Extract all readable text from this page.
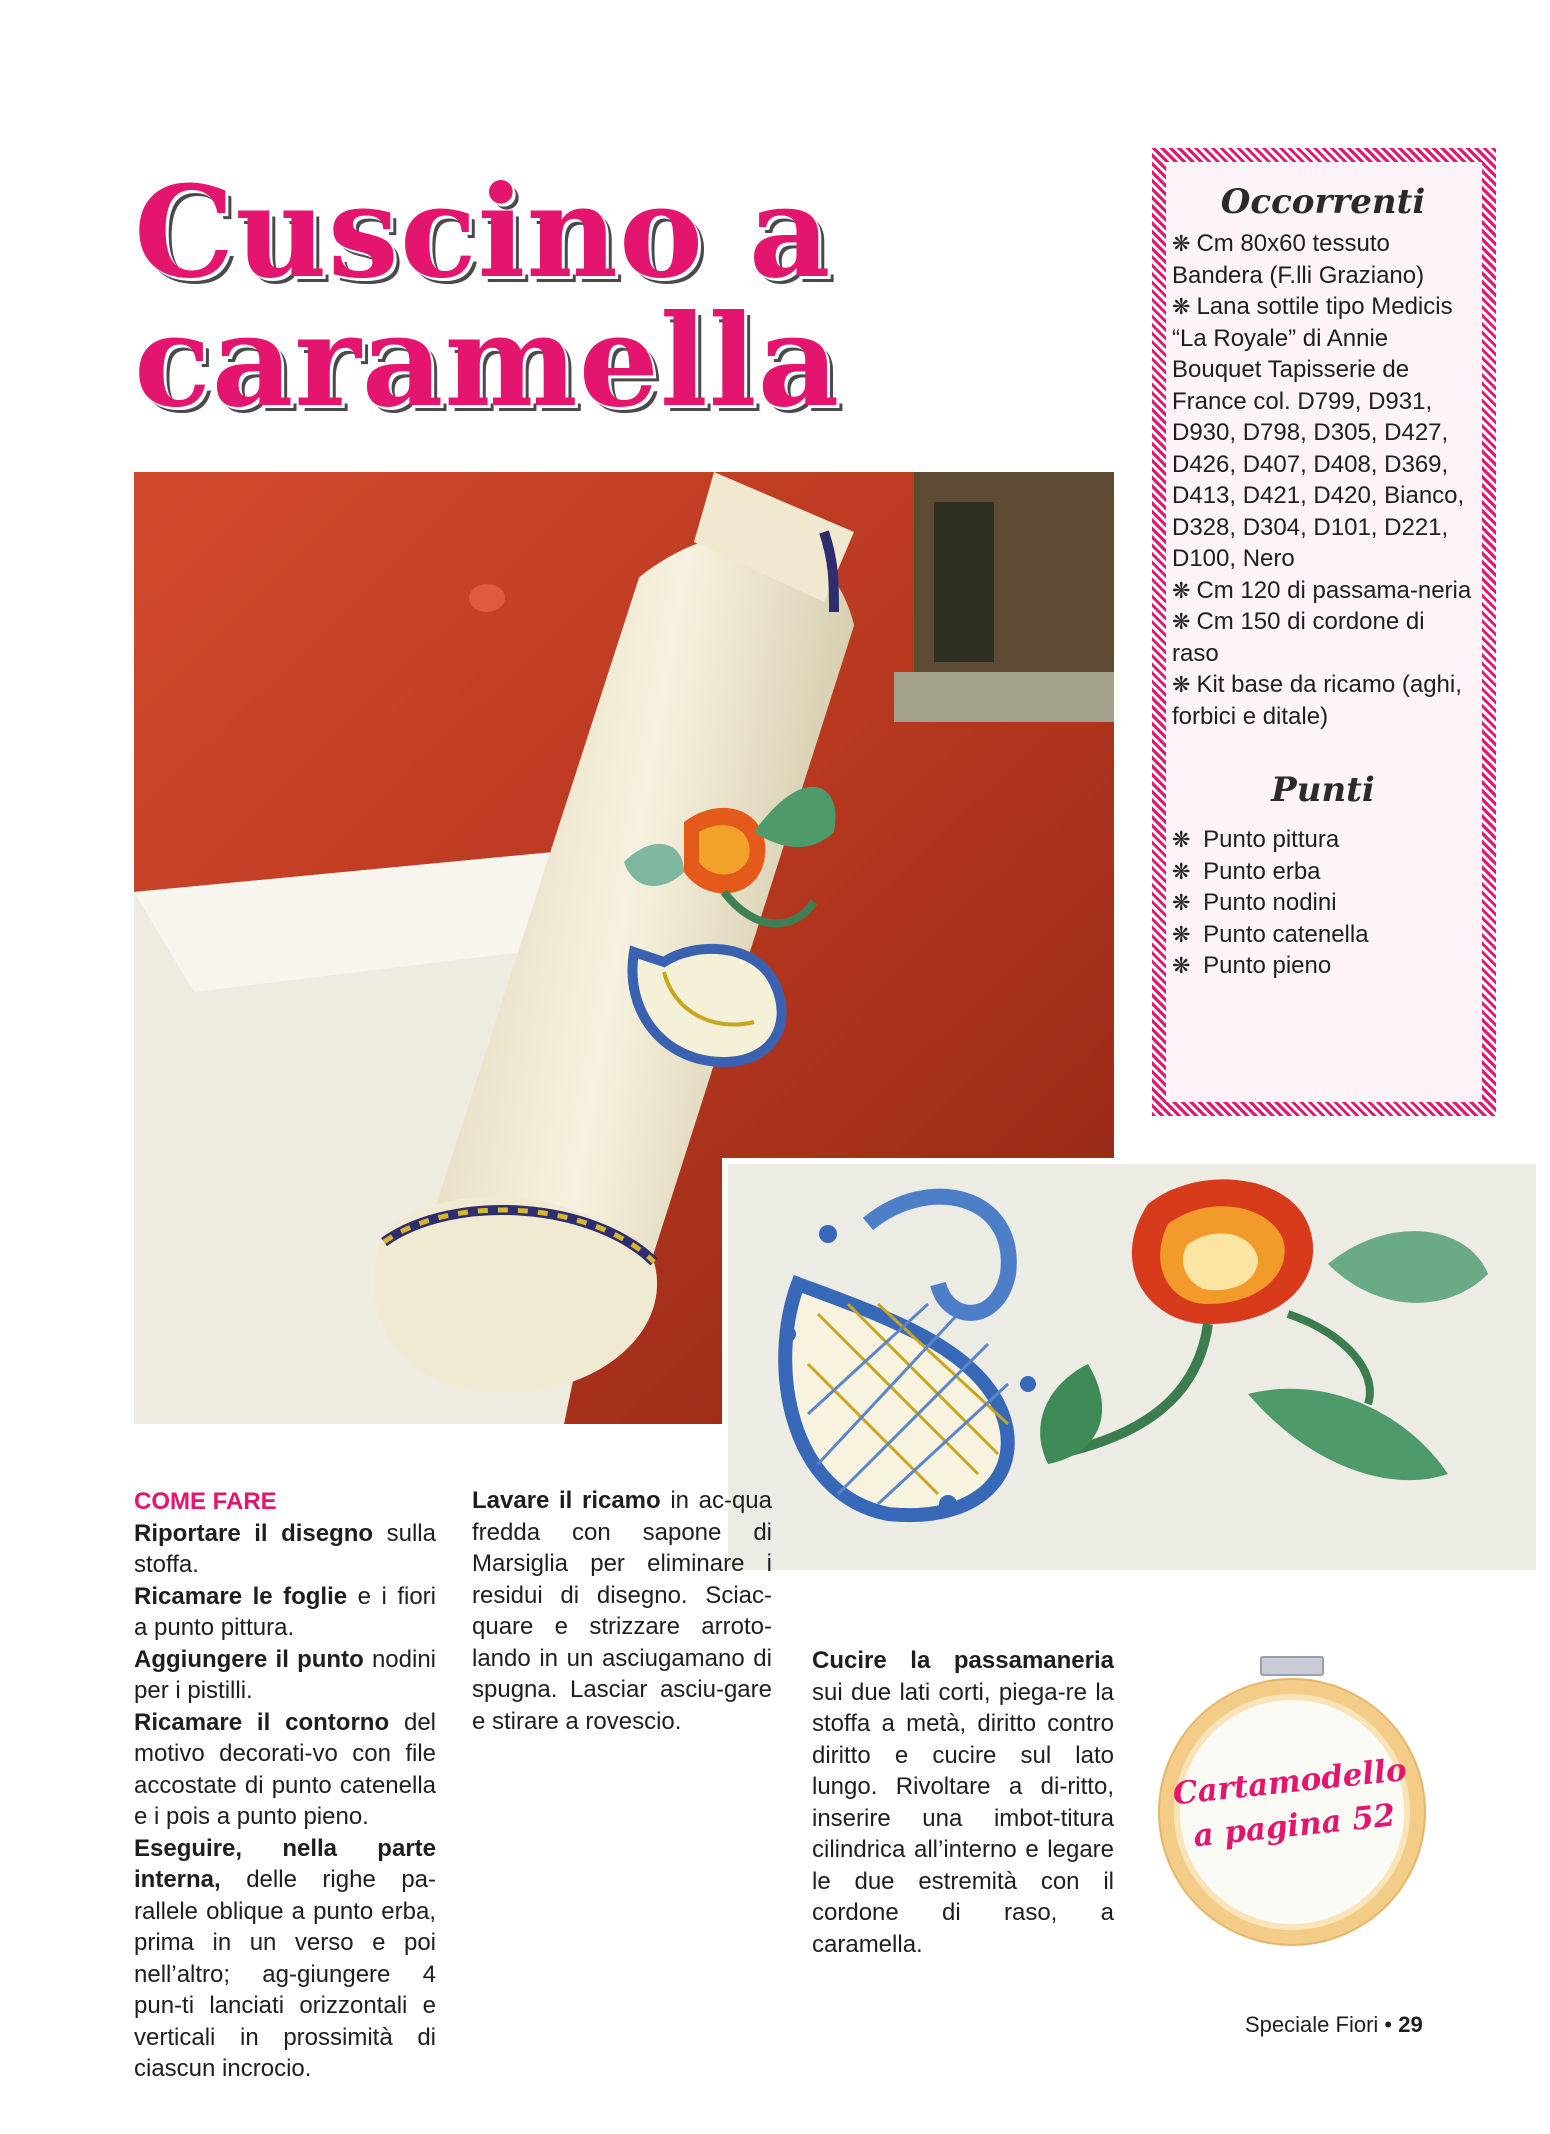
Cuscino a
caramella
Occorrenti
❋ Cm 80x60 tessuto Bandera (F.lli Graziano)
❋ Lana sottile tipo Medicis “La Royale” di Annie Bouquet Tapisserie de France col. D799, D931, D930, D798, D305, D427, D426, D407, D408, D369, D413, D421, D420, Bianco, D328, D304, D101, D221, D100, Nero
❋ Cm 120 di passama-neria
❋ Cm 150 di cordone di raso
❋ Kit base da ricamo (aghi, forbici e ditale)
Punti
❋ Punto pittura
❋ Punto erba
❋ Punto nodini
❋ Punto catenella
❋ Punto pieno

COME FARE

Riportare il disegno sulla stoffa.

Ricamare le foglie e i fiori a punto pittura.

Aggiungere il punto nodini per i pistilli.

Ricamare il contorno del motivo decorati-vo con file accostate di punto catenella e i pois a punto pieno.

Eseguire, nella parte interna, delle righe pa-rallele oblique a punto erba, prima in un verso e poi nell’altro; ag-giungere 4 pun-ti lanciati orizzontali e verticali in prossimità di ciascun incrocio.

Lavare il ricamo in ac-qua fredda con sapone di Marsiglia per eliminare i residui di disegno. Sciac-quare e strizzare arroto-lando in un asciugamano di spugna. Lasciar asciu-gare e stirare a rovescio.

Cucire la passamaneria sui due lati corti, piega-re la stoffa a metà, diritto contro diritto e cucire sul lato lungo. Rivoltare a di-ritto, inserire una imbot-titura cilindrica all’interno e legare le due estremità con il cordone di raso, a caramella.

Cartamodello
a pagina 52
Speciale Fiori • 29
